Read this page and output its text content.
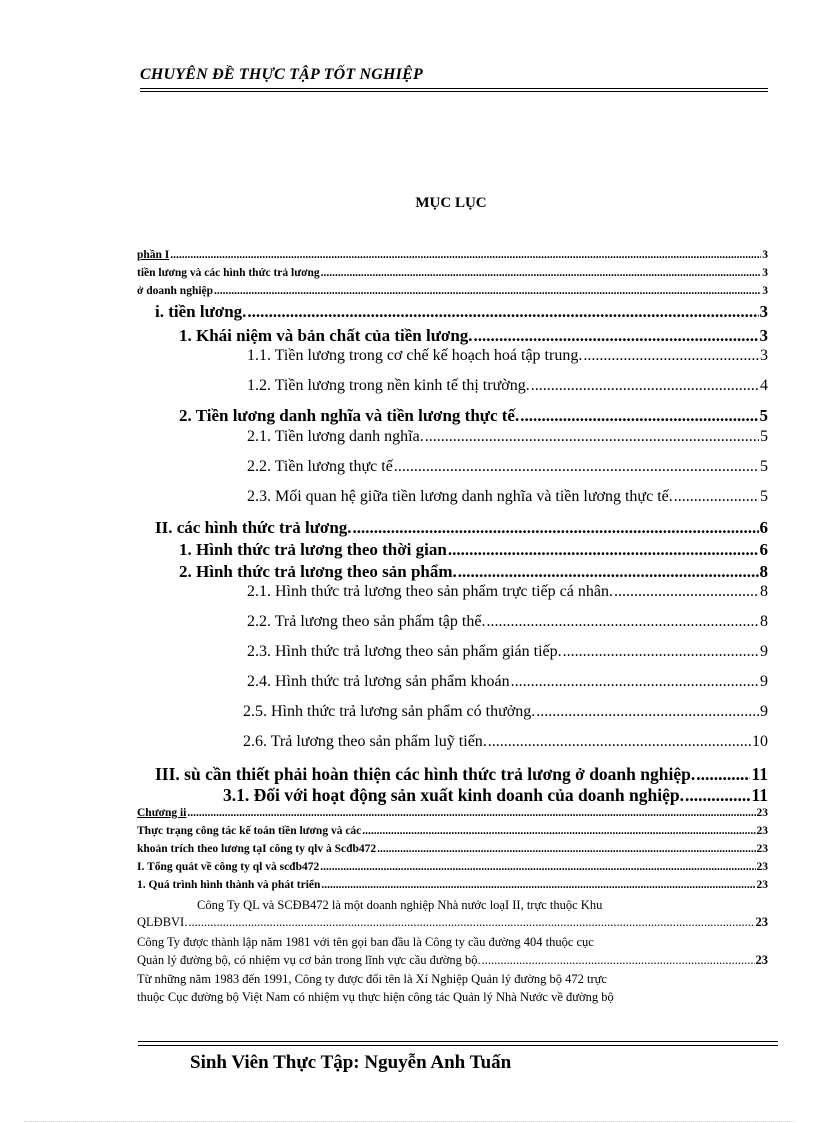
CHUYÊN ĐỀ THỰC TẬP TỐT NGHIỆP
MỤC LỤC
phần I .....	3
tiền lương và các hình thức trả lương .....	3
ở doanh nghiệp .....	3
i. tiền lương. .....	3
1. Khái niệm và bản chất của tiền lương. .....	3
1.1. Tiền lương trong cơ chế kế hoạch hoá tập trung. .....	3
1.2. Tiền lương trong nền kinh tế thị trường. .....	4
2. Tiền lương danh nghĩa và tiền lương thực tế. .....	5
2.1. Tiền lương danh nghĩa. .....	5
2.2. Tiền lương thực tế .....	5
2.3. Mối quan hệ giữa tiền lương danh nghĩa và tiền lương thực tế. .....	5
II. các hình thức trả lương. .....	6
1. Hình thức trả lương theo thời gian .....	6
2. Hình thức trả lương theo sản phẩm. .....	8
2.1. Hình thức trả lương theo sản phẩm trực tiếp cá nhân. .....	8
2.2. Trả lương theo sản phẩm tập thể. .....	8
2.3. Hình thức trả lương theo sản phẩm gián tiếp. .....	9
2.4. Hình thức trả lương sản phẩm khoán .....	9
2.5. Hình thức trả lương sản phẩm có thưởng. .....	9
2.6. Trả lương theo sản phẩm luỹ tiến. .....	10
III. sù cần thiết phải hoàn thiện các hình thức trả lương ở doanh nghiệp. .....	11
3.1. Đối với hoạt động sản xuất kinh doanh của doanh nghiệp. .....	11
Chương ii .....	23
Thực trạng công tác kế toán tiền lương và các .....	23
khoản trích theo lương tạI công ty qlv à Scđb472 .....	23
I. Tổng quát về công ty ql và scđb472 .....	23
1. Quá trình hình thành và phát triển .....	23
Công Ty QL và SCĐB472 là một doanh nghiệp Nhà nước loạI II, trực thuộc Khu
QLĐBVI. .....	23
Công Ty được thành lập năm 1981 với tên gọi ban đầu là Công ty cầu đường 404 thuộc cục
Quản lý đường bộ, có nhiệm vụ cơ bản trong lĩnh vực cầu đường bộ. .....	23
Từ những năm 1983 đến 1991, Công ty được đổi tên là Xí Nghiệp Quản lý đường bộ 472 trực
thuộc Cục đường bộ Việt Nam có nhiệm vụ thực hiện công tác Quản lý Nhà Nước về đường bộ
Sinh Viên Thực Tập: Nguyễn Anh Tuấn
